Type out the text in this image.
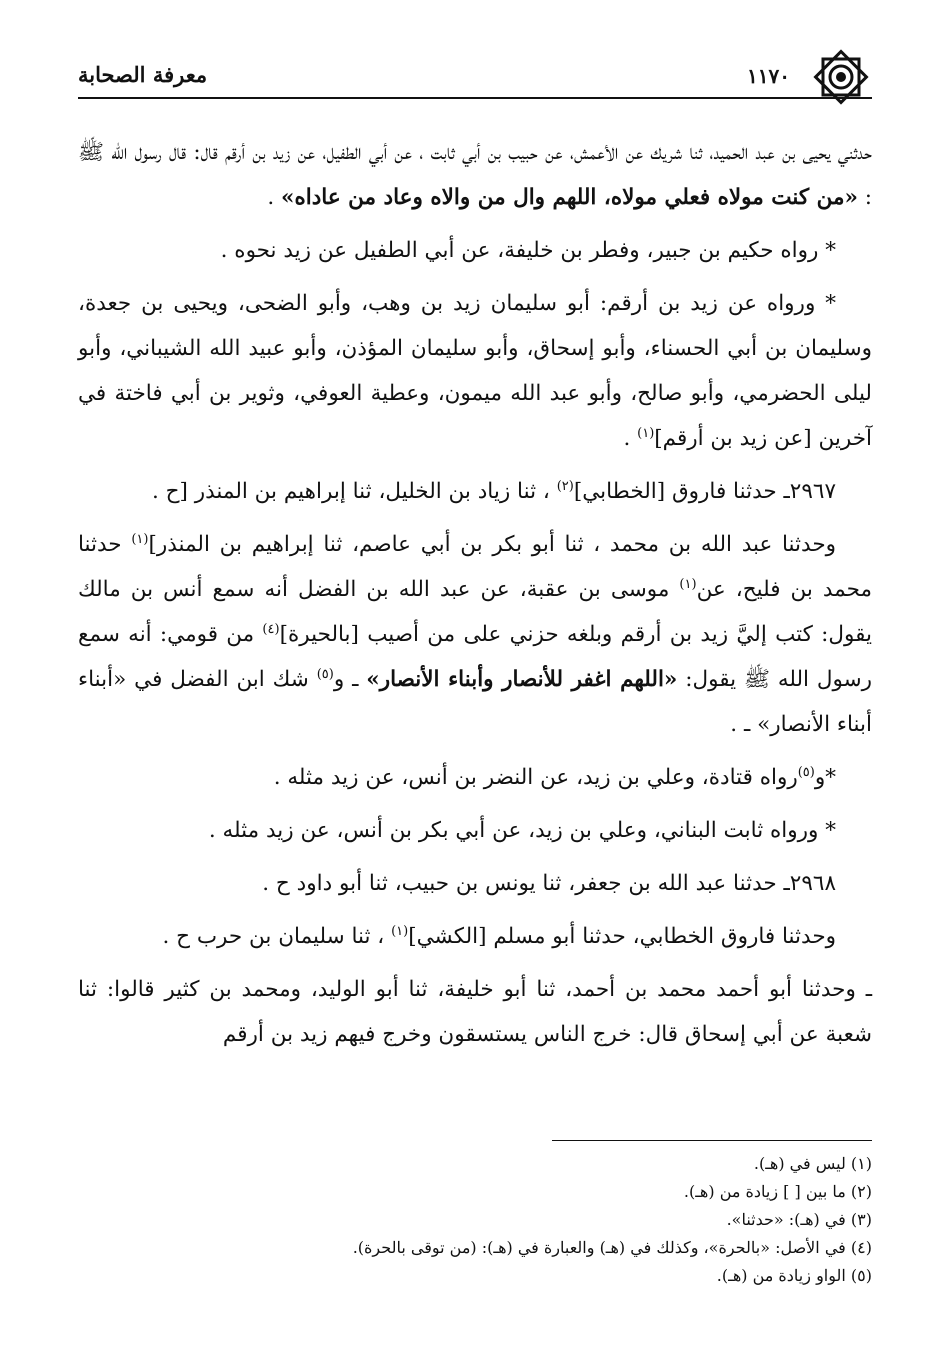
١١٧٠
معرفة الصحابة

حدثني يحيى بن عبد الحميد، ثنا شريك عن الأعمش، عن حبيب بن أبي ثابت ، عن أبي الطفيل، عن زيد بن أرقم قال: قال رسول الله ﷺ : «من كنت مولاه فعلي مولاه، اللهم وال من والاه وعاد من عاداه» .

* رواه حكيم بن جبير، وفطر بن خليفة، عن أبي الطفيل عن زيد نحوه .

* ورواه عن زيد بن أرقم: أبو سليمان زيد بن وهب، وأبو الضحى، ويحيى بن جعدة، وسليمان بن أبي الحسناء، وأبو إسحاق، وأبو سليمان المؤذن، وأبو عبيد الله الشيباني، وأبو ليلى الحضرمي، وأبو صالح، وأبو عبد الله ميمون، وعطية العوفي، وثوير بن أبي فاختة في آخرين [عن زيد بن أرقم]$^{(١)}$ .

٢٩٦٧ـ حدثنا فاروق [الخطابي]$^{(٢)}$ ، ثنا زياد بن الخليل، ثنا إبراهيم بن المنذر [ح .

وحدثنا عبد الله بن محمد ، ثنا أبو بكر بن أبي عاصم، ثنا إبراهيم بن المنذر]$^{(١)}$ حدثنا محمد بن فليح، عن$^{(١)}$ موسى بن عقبة، عن عبد الله بن الفضل أنه سمع أنس بن مالك يقول: كتب إليَّ زيد بن أرقم وبلغه حزني على من أصيب [بالحيرة]$^{(٤)}$ من قومي: أنه سمع رسول الله ﷺ يقول: «اللهم اغفر للأنصار وأبناء الأنصار» ـ و$^{(٥)}$ شك ابن الفضل في «أبناء أبناء الأنصار» ـ .

*و$^{(٥)}$رواه قتادة، وعلي بن زيد، عن النضر بن أنس، عن زيد مثله .

* ورواه ثابت البناني، وعلي بن زيد، عن أبي بكر بن أنس، عن زيد مثله .

٢٩٦٨ـ حدثنا عبد الله بن جعفر، ثنا يونس بن حبيب، ثنا أبو داود ح .

وحدثنا فاروق الخطابي، حدثنا أبو مسلم [الكشي]$^{(١)}$ ، ثنا سليمان بن حرب ح .

ـ وحدثنا أبو أحمد محمد بن أحمد، ثنا أبو خليفة، ثنا أبو الوليد، ومحمد بن كثير قالوا: ثنا شعبة عن أبي إسحاق قال: خرج الناس يستسقون وخرج فيهم زيد بن أرقم

(١) ليس في (هـ).
(٢) ما بين [ ] زيادة من (هـ).
(٣) في (هـ): «حدثنا».
(٤) في الأصل: «بالحرة»، وكذلك في (هـ) والعبارة في (هـ): (من توقى بالحرة).
(٥) الواو زيادة من (هـ).
